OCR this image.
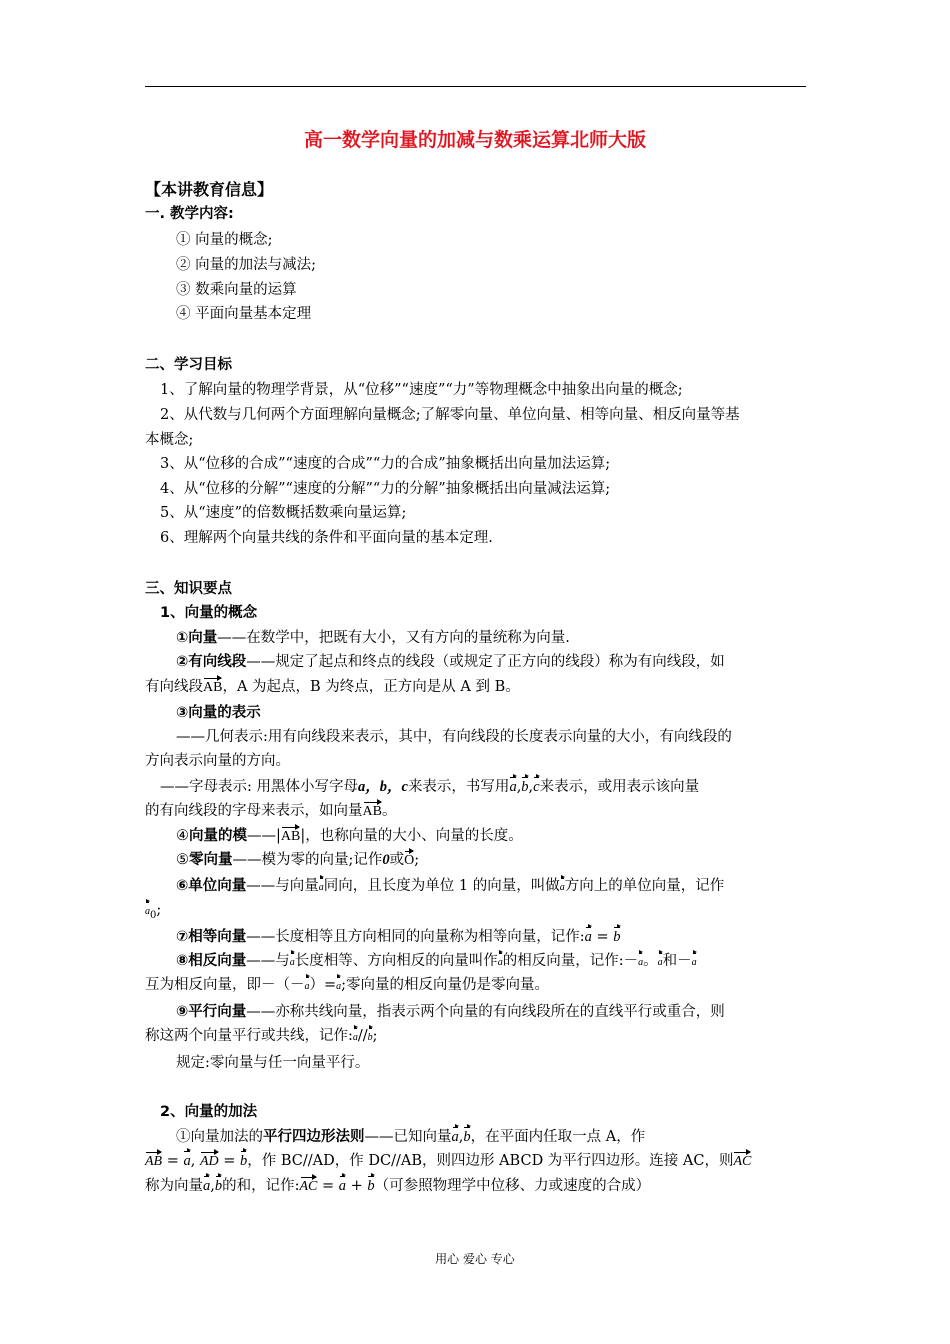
高一数学向量的加减与数乘运算北师大版
【本讲教育信息】
一. 教学内容:
① 向量的概念;
② 向量的加法与减法;
③ 数乘向量的运算
④ 平面向量基本定理
二、学习目标
1、了解向量的物理学背景，从“位移”“速度”“力”等物理概念中抽象出向量的概念;
2、从代数与几何两个方面理解向量概念;了解零向量、单位向量、相等向量、相反向量等基
本概念;
3、从“位移的合成”“速度的合成”“力的合成”抽象概括出向量加法运算;
4、从“位移的分解”“速度的分解”“力的分解”抽象概括出向量减法运算;
5、从“速度”的倍数概括数乘向量运算;
6、理解两个向量共线的条件和平面向量的基本定理.
三、知识要点
1、向量的概念
①向量——在数学中，把既有大小，又有方向的量统称为向量.
②有向线段——规定了起点和终点的线段（或规定了正方向的线段）称为有向线段，如
有向线段AB，A 为起点，B 为终点，正方向是从 A 到 B。
③向量的表示
——几何表示:用有向线段来表示，其中，有向线段的长度表示向量的大小，有向线段的
方向表示向量的方向。
——字母表示: 用黑体小写字母a，b，c来表示，书写用a,b,c来表示，或用表示该向量
的有向线段的字母来表示，如向量AB。
④向量的模——|AB|，也称向量的大小、向量的长度。
⑤零向量——模为零的向量;记作0或O;
⑥单位向量——与向量a同向，且长度为单位 1 的向量，叫做a方向上的单位向量，记作
$a_0$;
⑦相等向量——长度相等且方向相同的向量称为相等向量，记作:a = b
⑧相反向量——与a长度相等、方向相反的向量叫作a的相反向量，记作:－a。a和－a
互为相反向量，即－（－a）=a;零向量的相反向量仍是零向量。
⑨平行向量——亦称共线向量，指表示两个向量的有向线段所在的直线平行或重合，则
称这两个向量平行或共线，记作:a//b;
规定:零向量与任一向量平行。
2、向量的加法
①向量加法的平行四边形法则——已知向量a,b，在平面内任取一点 A，作
AB = a, AD = b，作 BC//AD，作 DC//AB，则四边形 ABCD 为平行四边形。连接 AC，则AC
称为向量a,b的和，记作:AC = a + b（可参照物理学中位移、力或速度的合成）
用心 爱心 专心
